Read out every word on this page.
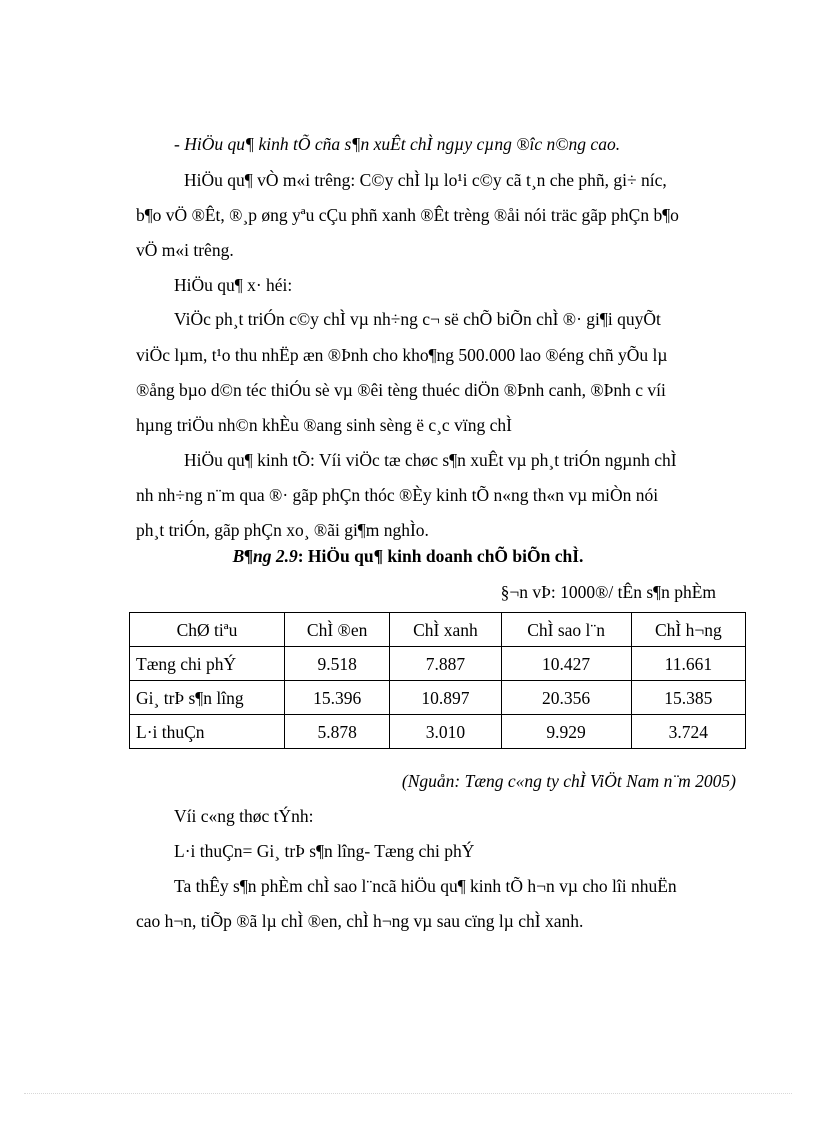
- HiÖu qu¶ kinh tÕ cña s¶n xuÊt chÌ ngµy cµng ®îc n©ng cao.
HiÖu qu¶ vÒ m«i trêng: C©y chÌ lµ lo¹i c©y cã t¸n che phñ, gi÷ níc,
b¶o vÖ ®Êt, ®¸p øng yªu cÇu phñ xanh ®Êt trèng ®åi nói träc gãp phÇn b¶o
vÖ m«i trêng.
HiÖu qu¶ x· héi:
ViÖc ph¸t triÓn c©y chÌ vµ nh÷ng c¬ së chÕ biÕn chÌ ®· gi¶i quyÕt
viÖc lµm, t¹o thu nhËp æn ®Þnh cho kho¶ng 500.000 lao ®éng chñ yÕu lµ
®ång bµo d©n téc thiÓu sè vµ ®êi tèng thuéc diÖn ®Þnh canh, ®Þnh c víi
hµng triÖu nh©n khÈu ®ang sinh sèng ë c¸c vïng chÌ
HiÖu qu¶ kinh tÕ: Víi viÖc tæ chøc s¶n xuÊt vµ ph¸t triÓn ngµnh chÌ
nh nh÷ng n¨m qua ®· gãp phÇn thóc ®Èy kinh tÕ n«ng th«n vµ miÒn nói
ph¸t triÓn, gãp phÇn xo¸ ®ãi gi¶m nghÌo.
B¶ng 2.9: HiÖu qu¶ kinh doanh chÕ biÕn chÌ.
§¬n vÞ: 1000®/ tÊn s¶n phÈm
ChØ tiªu	ChÌ ®en	ChÌ xanh	ChÌ sao l¨n	ChÌ h¬ng
Tæng chi phÝ	9.518	7.887	10.427	11.661
Gi¸ trÞ s¶n lîng	15.396	10.897	20.356	15.385
L·i thuÇn	5.878	3.010	9.929	3.724
(Nguån: Tæng c«ng ty chÌ ViÖt Nam n¨m 2005)
Víi c«ng thøc tÝnh:
L·i thuÇn= Gi¸ trÞ s¶n lîng- Tæng chi phÝ
Ta thÊy s¶n phÈm chÌ sao l¨ncã hiÖu qu¶ kinh tÕ h¬n vµ cho lîi nhuËn
cao h¬n, tiÕp ®ã lµ chÌ ®en, chÌ h¬ng vµ sau cïng lµ chÌ xanh.
